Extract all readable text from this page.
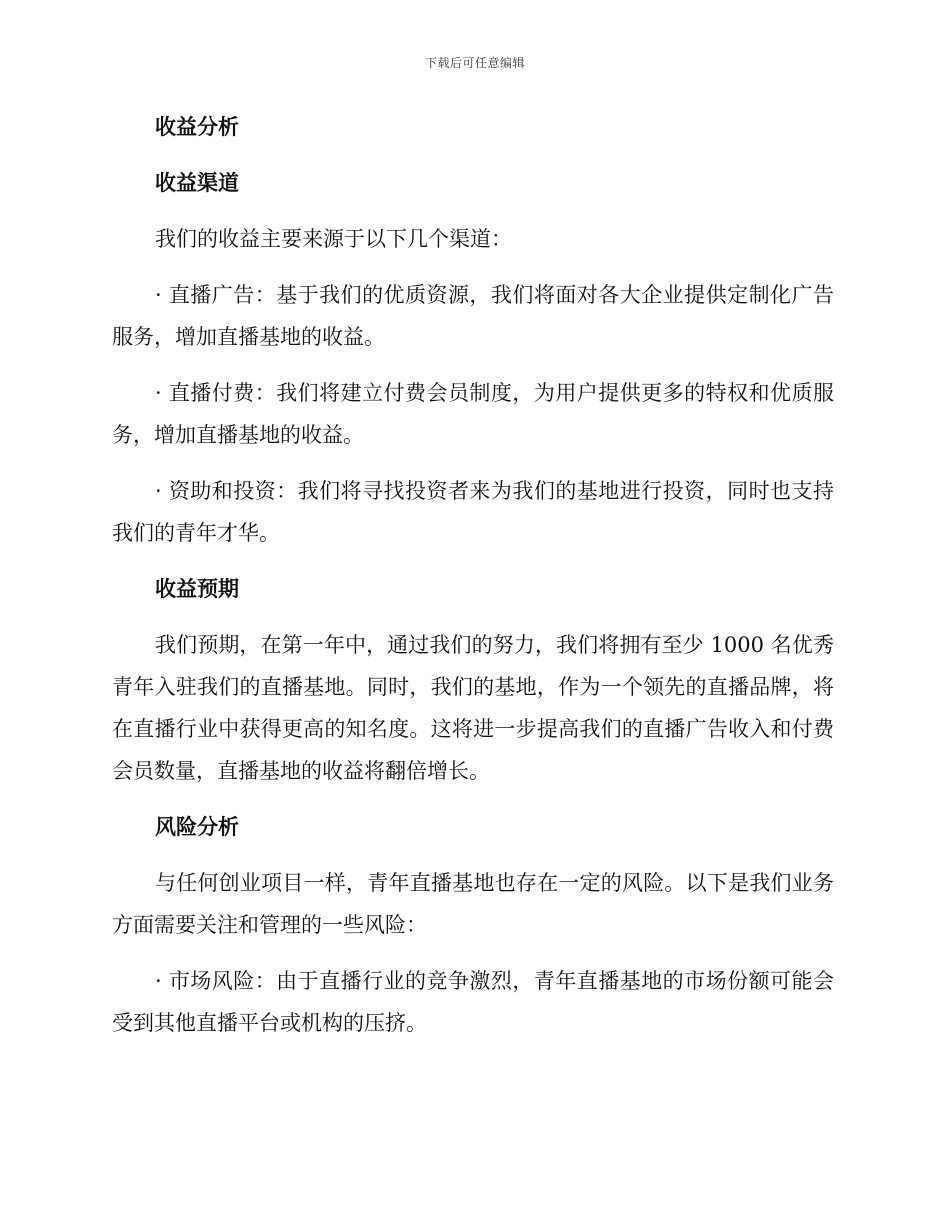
下载后可任意编辑
收益分析
收益渠道

我们的收益主要来源于以下几个渠道：

· 直播广告：基于我们的优质资源，我们将面对各大企业提供定制化广告服务，增加直播基地的收益。

· 直播付费：我们将建立付费会员制度，为用户提供更多的特权和优质服务，增加直播基地的收益。

· 资助和投资：我们将寻找投资者来为我们的基地进行投资，同时也支持我们的青年才华。

收益预期

我们预期，在第一年中，通过我们的努力，我们将拥有至少 1000 名优秀青年入驻我们的直播基地。同时，我们的基地，作为一个领先的直播品牌，将在直播行业中获得更高的知名度。这将进一步提高我们的直播广告收入和付费会员数量，直播基地的收益将翻倍增长。

风险分析

与任何创业项目一样，青年直播基地也存在一定的风险。以下是我们业务方面需要关注和管理的一些风险：

· 市场风险：由于直播行业的竞争激烈，青年直播基地的市场份额可能会受到其他直播平台或机构的压挤。
